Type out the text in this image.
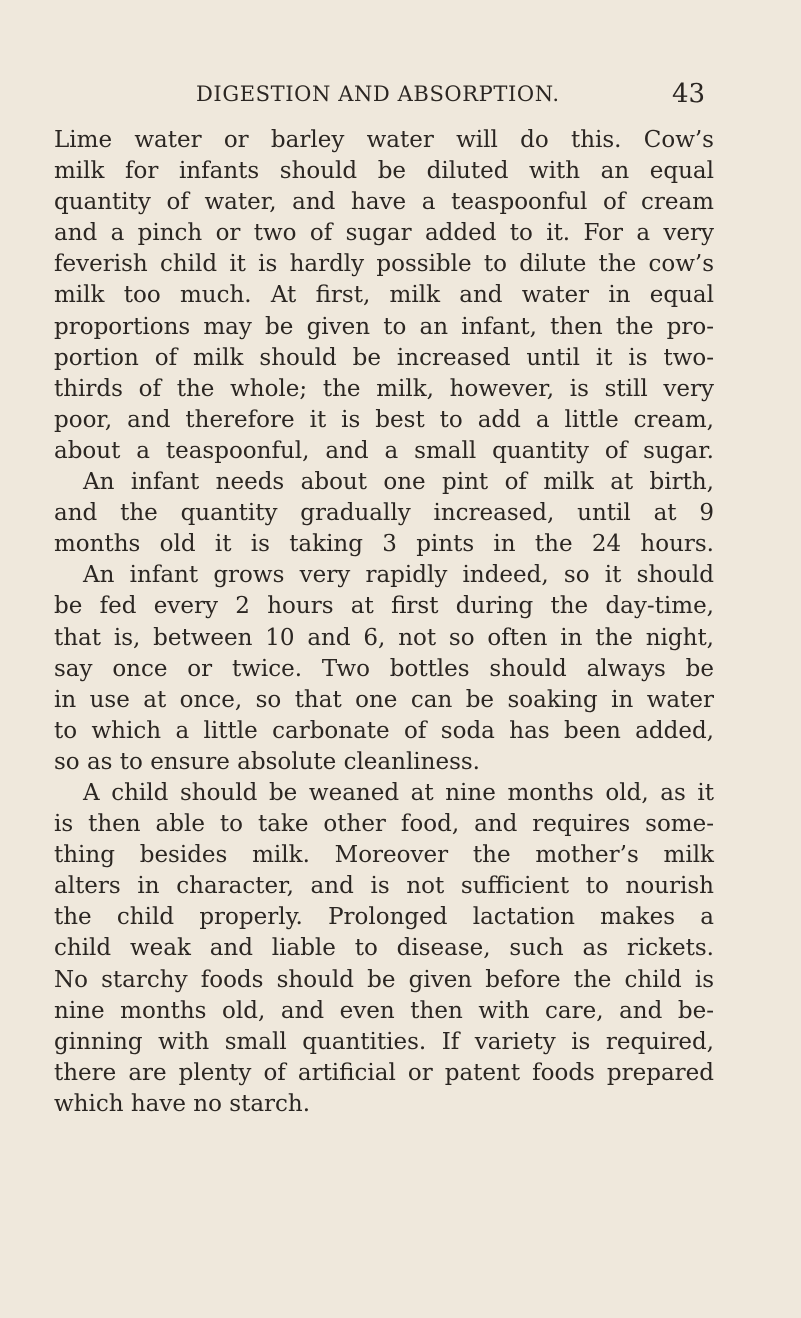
DIGESTION AND ABSORPTION.	43
Lime water or barley water will do this. Cow’s
milk for infants should be diluted with an equal
quantity of water, and have a teaspoonful of cream
and a pinch or two of sugar added to it. For a very
feverish child it is hardly possible to dilute the cow’s
milk too much. At first, milk and water in equal
proportions may be given to an infant, then the pro-
portion of milk should be increased until it is two-
thirds of the whole; the milk, however, is still very
poor, and therefore it is best to add a little cream,
about a teaspoonful, and a small quantity of sugar.
An infant needs about one pint of milk at birth,
and the quantity gradually increased, until at 9
months old it is taking 3 pints in the 24 hours.
An infant grows very rapidly indeed, so it should
be fed every 2 hours at first during the day-time,
that is, between 10 and 6, not so often in the night,
say once or twice. Two bottles should always be
in use at once, so that one can be soaking in water
to which a little carbonate of soda has been added,
so as to ensure absolute cleanliness.
A child should be weaned at nine months old, as it
is then able to take other food, and requires some-
thing besides milk. Moreover the mother’s milk
alters in character, and is not sufficient to nourish
the child properly. Prolonged lactation makes a
child weak and liable to disease, such as rickets.
No starchy foods should be given before the child is
nine months old, and even then with care, and be-
ginning with small quantities. If variety is required,
there are plenty of artificial or patent foods prepared
which have no starch.
